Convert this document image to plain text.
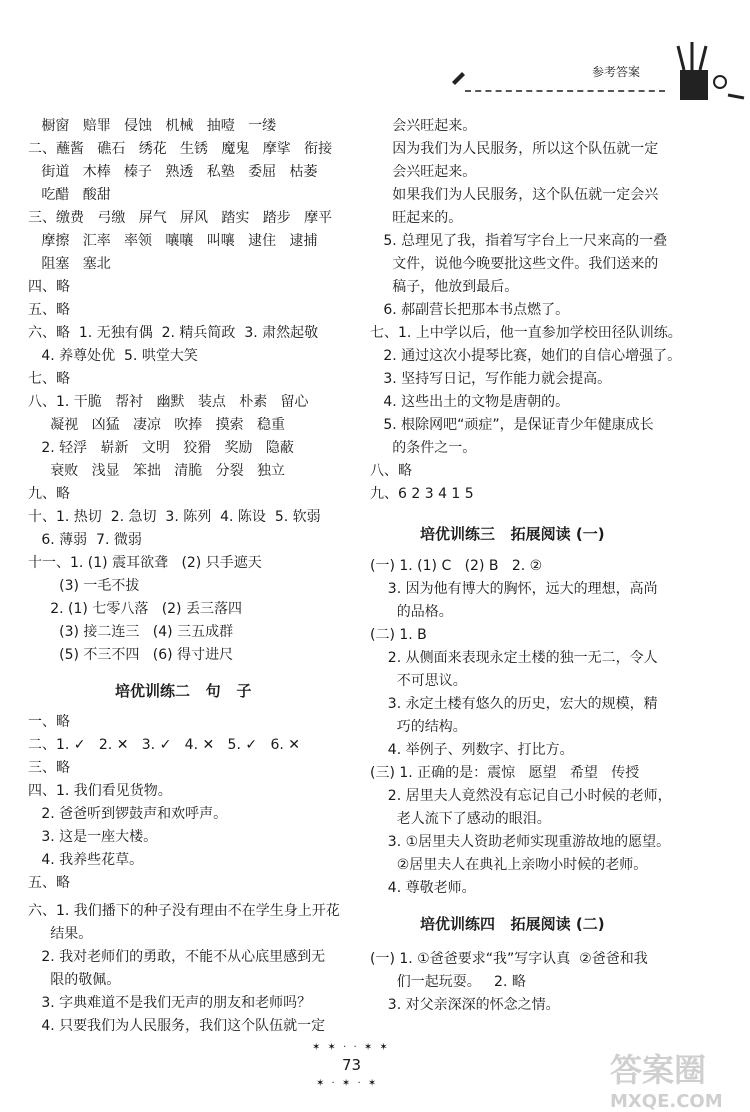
参考答案
橱窗   赔罪   侵蚀   机械   抽噎   一缕
二、蘸酱   礁石   绣花   生锈   魔鬼   摩挲   衔接
街道   木棒   榛子   熟透   私塾   委屈   枯萎
吃醋   酸甜
三、缴费   弓缴   屏气   屏风   踏实   踏步   摩平
摩擦   汇率   率领   嚷嚷   叫嚷   逮住   逮捕
阻塞   塞北
四、略
五、略
六、略  1. 无独有偶  2. 精兵简政  3. 肃然起敬
4. 养尊处优  5. 哄堂大笑
七、略
八、1. 干脆   帮衬   幽默   装点   朴素   留心
凝视   凶猛   凄凉   吹捧   摸索   稳重
2. 轻浮   崭新   文明   狡猾   奖励   隐蔽
衰败   浅显   笨拙   清脆   分裂   独立
九、略
十、1. 热切  2. 急切  3. 陈列  4. 陈设  5. 软弱
6. 薄弱  7. 微弱
十一、1. (1) 震耳欲聋   (2) 只手遮天
(3) 一毛不拔
2. (1) 七零八落   (2) 丢三落四
(3) 接二连三   (4) 三五成群
(5) 不三不四   (6) 得寸进尺
培优训练二   句   子
一、略
二、1. ✓   2. ✕   3. ✓   4. ✕   5. ✓   6. ✕
三、略
四、1. 我们看见货物。
2. 爸爸听到锣鼓声和欢呼声。
3. 这是一座大楼。
4. 我养些花草。
五、略
六、1. 我们播下的种子没有理由不在学生身上开花
结果。
2. 我对老师们的勇敢，不能不从心底里感到无
限的敬佩。
3. 字典难道不是我们无声的朋友和老师吗？
4. 只要我们为人民服务，我们这个队伍就一定
会兴旺起来。
因为我们为人民服务，所以这个队伍就一定
会兴旺起来。
如果我们为人民服务，这个队伍就一定会兴
旺起来的。
5. 总理见了我，指着写字台上一尺来高的一叠
文件，说他今晚要批这些文件。我们送来的
稿子，他放到最后。
6. 郝副营长把那本书点燃了。
七、1. 上中学以后，他一直参加学校田径队训练。
2. 通过这次小提琴比赛，她们的自信心增强了。
3. 坚持写日记，写作能力就会提高。
4. 这些出土的文物是唐朝的。
5. 根除网吧“顽症”，是保证青少年健康成长
的条件之一。
八、略
九、6 2 3 4 1 5
培优训练三   拓展阅读 (一)
(一) 1. (1) C   (2) B   2. ②
3. 因为他有博大的胸怀，远大的理想，高尚
的品格。
(二) 1. B
2. 从侧面来表现永定土楼的独一无二，令人
不可思议。
3. 永定土楼有悠久的历史，宏大的规模，精
巧的结构。
4. 举例子、列数字、打比方。
(三) 1. 正确的是：震惊   愿望   希望   传授
2. 居里夫人竟然没有忘记自己小时候的老师，
老人流下了感动的眼泪。
3. ①居里夫人资助老师实现重游故地的愿望。
②居里夫人在典礼上亲吻小时候的老师。
4. 尊敬老师。
培优训练四   拓展阅读 (二)
(一) 1. ①爸爸要求“我”写字认真  ②爸爸和我
们一起玩耍。   2. 略
3. 对父亲深深的怀念之情。
73
✶ ✶ · · ✶ ✶
✶ · ✶ · ✶	答案圈
MXQE.COM
